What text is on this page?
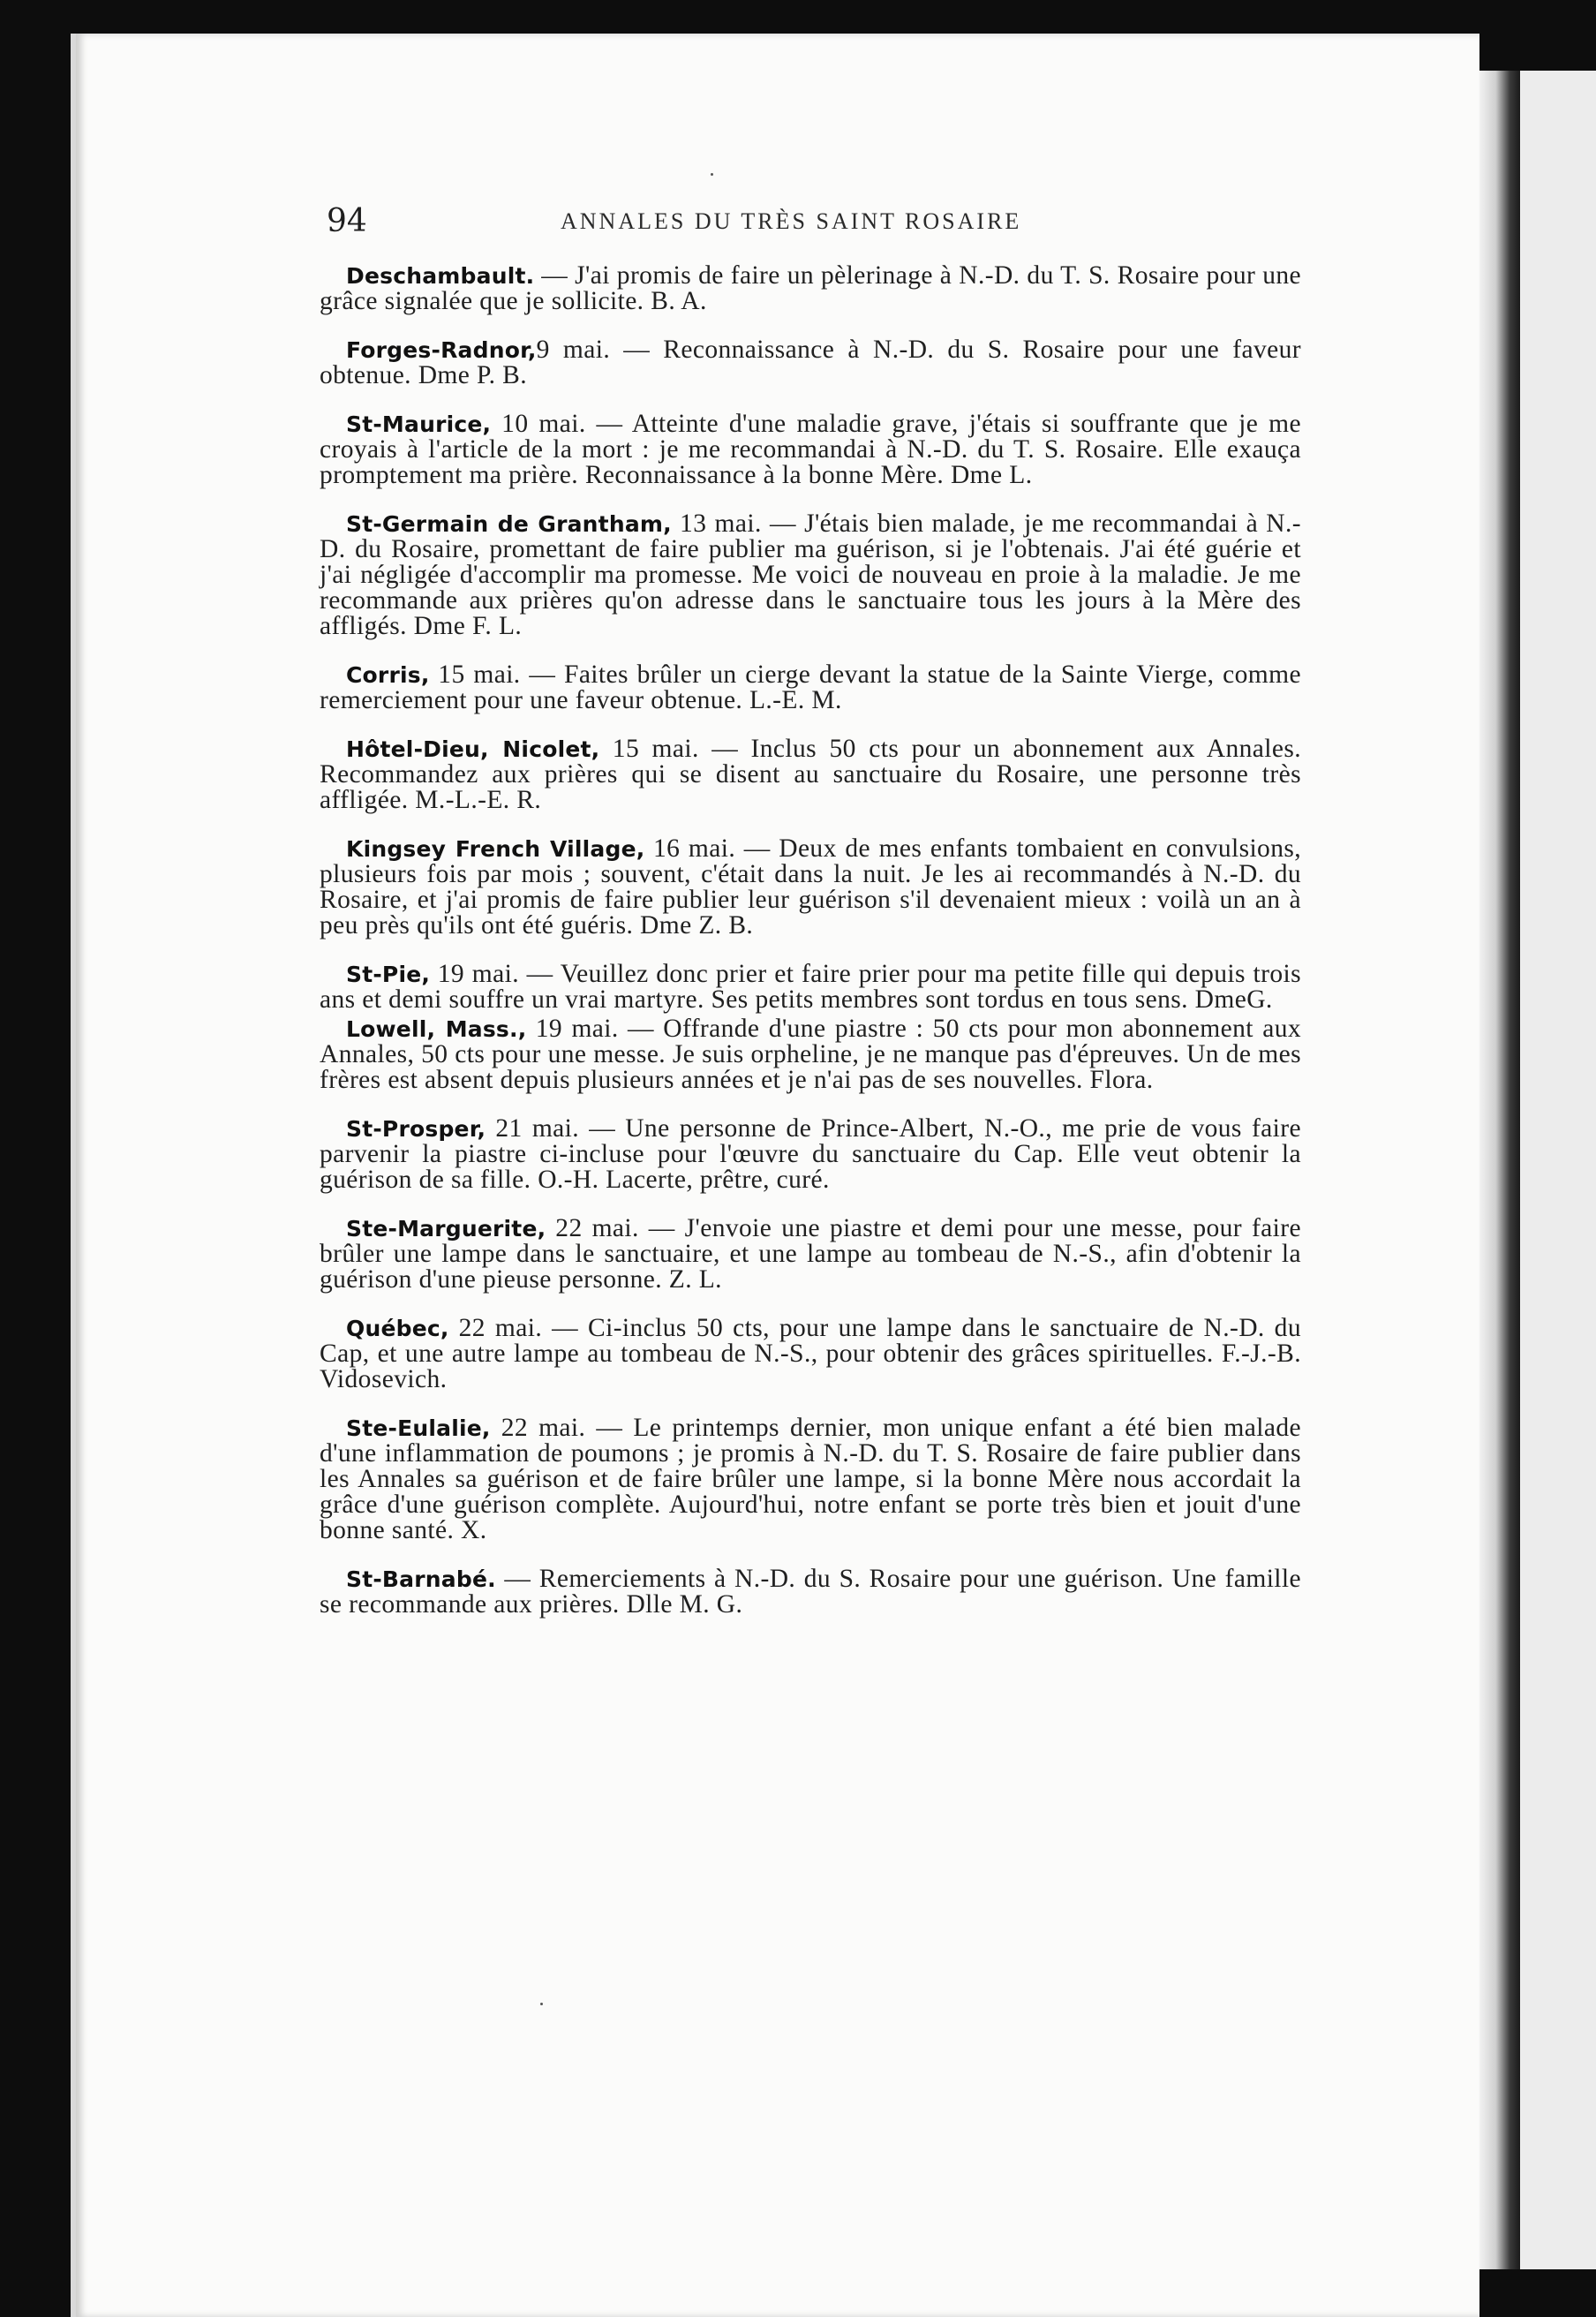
94	ANNALES DU TRÈS SAINT ROSAIRE

Deschambault. — J'ai promis de faire un pèlerinage à N.-D. du T. S. Rosaire pour une grâce signalée que je sollicite. B. A.

Forges-Radnor,9 mai. — Reconnaissance à N.-D. du S. Rosaire pour une faveur obtenue. Dme P. B.

St-Maurice, 10 mai. — Atteinte d'une maladie grave, j'étais si souffrante que je me croyais à l'article de la mort : je me recommandai à N.-D. du T. S. Rosaire. Elle exauça promptement ma prière. Reconnaissance à la bonne Mère. Dme L.

St-Germain de Grantham, 13 mai. — J'étais bien malade, je me recommandai à N.-D. du Rosaire, promettant de faire publier ma guérison, si je l'obtenais. J'ai été guérie et j'ai négligée d'accomplir ma promesse. Me voici de nouveau en proie à la maladie. Je me recommande aux prières qu'on adresse dans le sanctuaire tous les jours à la Mère des affligés. Dme F. L.

Corris, 15 mai. — Faites brûler un cierge devant la statue de la Sainte Vierge, comme remerciement pour une faveur obtenue. L.-E. M.

Hôtel-Dieu, Nicolet, 15 mai. — Inclus 50 cts pour un abonnement aux Annales. Recommandez aux prières qui se disent au sanctuaire du Rosaire, une personne très affligée. M.-L.-E. R.

Kingsey French Village, 16 mai. — Deux de mes enfants tombaient en convulsions, plusieurs fois par mois ; souvent, c'était dans la nuit. Je les ai recommandés à N.-D. du Rosaire, et j'ai promis de faire publier leur guérison s'il devenaient mieux : voilà un an à peu près qu'ils ont été guéris. Dme Z. B.

St-Pie, 19 mai. — Veuillez donc prier et faire prier pour ma petite fille qui depuis trois ans et demi souffre un vrai martyre. Ses petits membres sont tordus en tous sens. DmeG.

Lowell, Mass., 19 mai. — Offrande d'une piastre : 50 cts pour mon abonnement aux Annales, 50 cts pour une messe. Je suis orpheline, je ne manque pas d'épreuves. Un de mes frères est absent depuis plusieurs années et je n'ai pas de ses nouvelles. Flora.

St-Prosper, 21 mai. — Une personne de Prince-Albert, N.-O., me prie de vous faire parvenir la piastre ci-incluse pour l'œuvre du sanctuaire du Cap. Elle veut obtenir la guérison de sa fille. O.-H. Lacerte, prêtre, curé.

Ste-Marguerite, 22 mai. — J'envoie une piastre et demi pour une messe, pour faire brûler une lampe dans le sanctuaire, et une lampe au tombeau de N.-S., afin d'obtenir la guérison d'une pieuse personne. Z. L.

Québec, 22 mai. — Ci-inclus 50 cts, pour une lampe dans le sanctuaire de N.-D. du Cap, et une autre lampe au tombeau de N.-S., pour obtenir des grâces spirituelles. F.-J.-B. Vidosevich.

Ste-Eulalie, 22 mai. — Le printemps dernier, mon unique enfant a été bien malade d'une inflammation de poumons ; je promis à N.-D. du T. S. Rosaire de faire publier dans les Annales sa guérison et de faire brûler une lampe, si la bonne Mère nous accordait la grâce d'une guérison complète. Aujourd'hui, notre enfant se porte très bien et jouit d'une bonne santé. X.

St-Barnabé. — Remerciements à N.-D. du S. Rosaire pour une guérison. Une famille se recommande aux prières. Dlle M. G.
